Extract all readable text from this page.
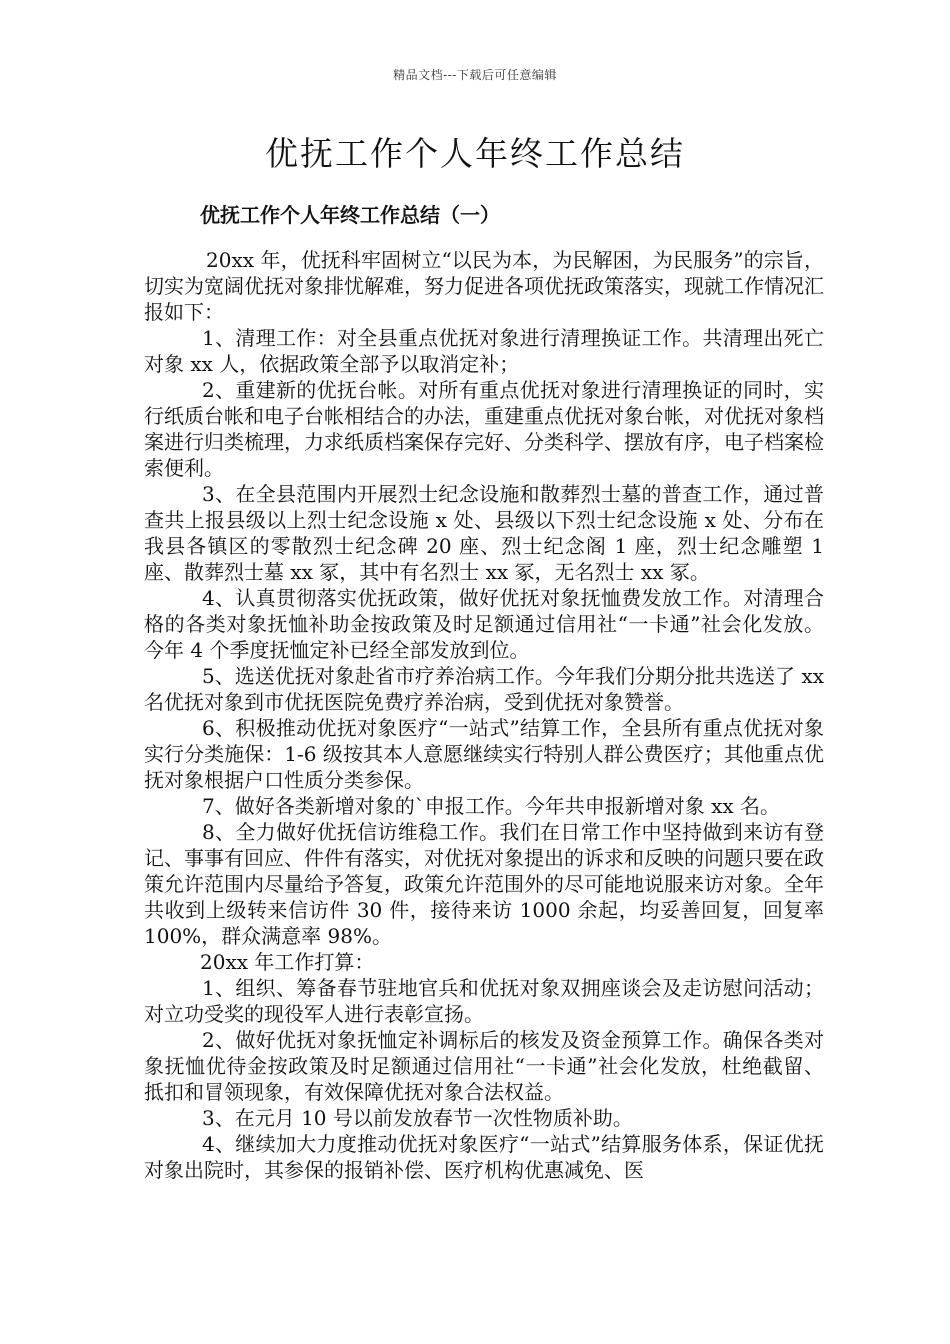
精品文档---下载后可任意编辑
优抚工作个人年终工作总结
优抚工作个人年终工作总结（一）

20xx 年，优抚科牢固树立“以民为本，为民解困，为民服务”的宗旨，切实为宽阔优抚对象排忧解难，努力促进各项优抚政策落实，现就工作情况汇报如下：

1、清理工作：对全县重点优抚对象进行清理换证工作。共清理出死亡对象 xx 人，依据政策全部予以取消定补；

2、重建新的优抚台帐。对所有重点优抚对象进行清理换证的同时，实行纸质台帐和电子台帐相结合的办法，重建重点优抚对象台帐，对优抚对象档案进行归类梳理，力求纸质档案保存完好、分类科学、摆放有序，电子档案检索便利。

3、在全县范围内开展烈士纪念设施和散葬烈士墓的普查工作，通过普查共上报县级以上烈士纪念设施 x 处、县级以下烈士纪念设施 x 处、分布在我县各镇区的零散烈士纪念碑 20 座、烈士纪念阁 1 座，烈士纪念雕塑 1 座、散葬烈士墓 xx 冢，其中有名烈士 xx 冢，无名烈士 xx 冢。

4、认真贯彻落实优抚政策，做好优抚对象抚恤费发放工作。对清理合格的各类对象抚恤补助金按政策及时足额通过信用社“一卡通”社会化发放。今年 4 个季度抚恤定补已经全部发放到位。

5、选送优抚对象赴省市疗养治病工作。今年我们分期分批共选送了 xx 名优抚对象到市优抚医院免费疗养治病，受到优抚对象赞誉。

6、积极推动优抚对象医疗“一站式”结算工作，全县所有重点优抚对象实行分类施保：1-6 级按其本人意愿继续实行特别人群公费医疗；其他重点优抚对象根据户口性质分类参保。

7、做好各类新增对象的`申报工作。今年共申报新增对象 xx 名。

8、全力做好优抚信访维稳工作。我们在日常工作中坚持做到来访有登记、事事有回应、件件有落实，对优抚对象提出的诉求和反映的问题只要在政策允许范围内尽量给予答复，政策允许范围外的尽可能地说服来访对象。全年共收到上级转来信访件 30 件，接待来访 1000 余起，均妥善回复，回复率 100%，群众满意率 98%。

20xx 年工作打算：

1、组织、筹备春节驻地官兵和优抚对象双拥座谈会及走访慰问活动；对立功受奖的现役军人进行表彰宣扬。

2、做好优抚对象抚恤定补调标后的核发及资金预算工作。确保各类对象抚恤优待金按政策及时足额通过信用社“一卡通”社会化发放，杜绝截留、抵扣和冒领现象，有效保障优抚对象合法权益。

3、在元月 10 号以前发放春节一次性物质补助。

4、继续加大力度推动优抚对象医疗“一站式”结算服务体系，保证优抚对象出院时，其参保的报销补偿、医疗机构优惠减免、医
